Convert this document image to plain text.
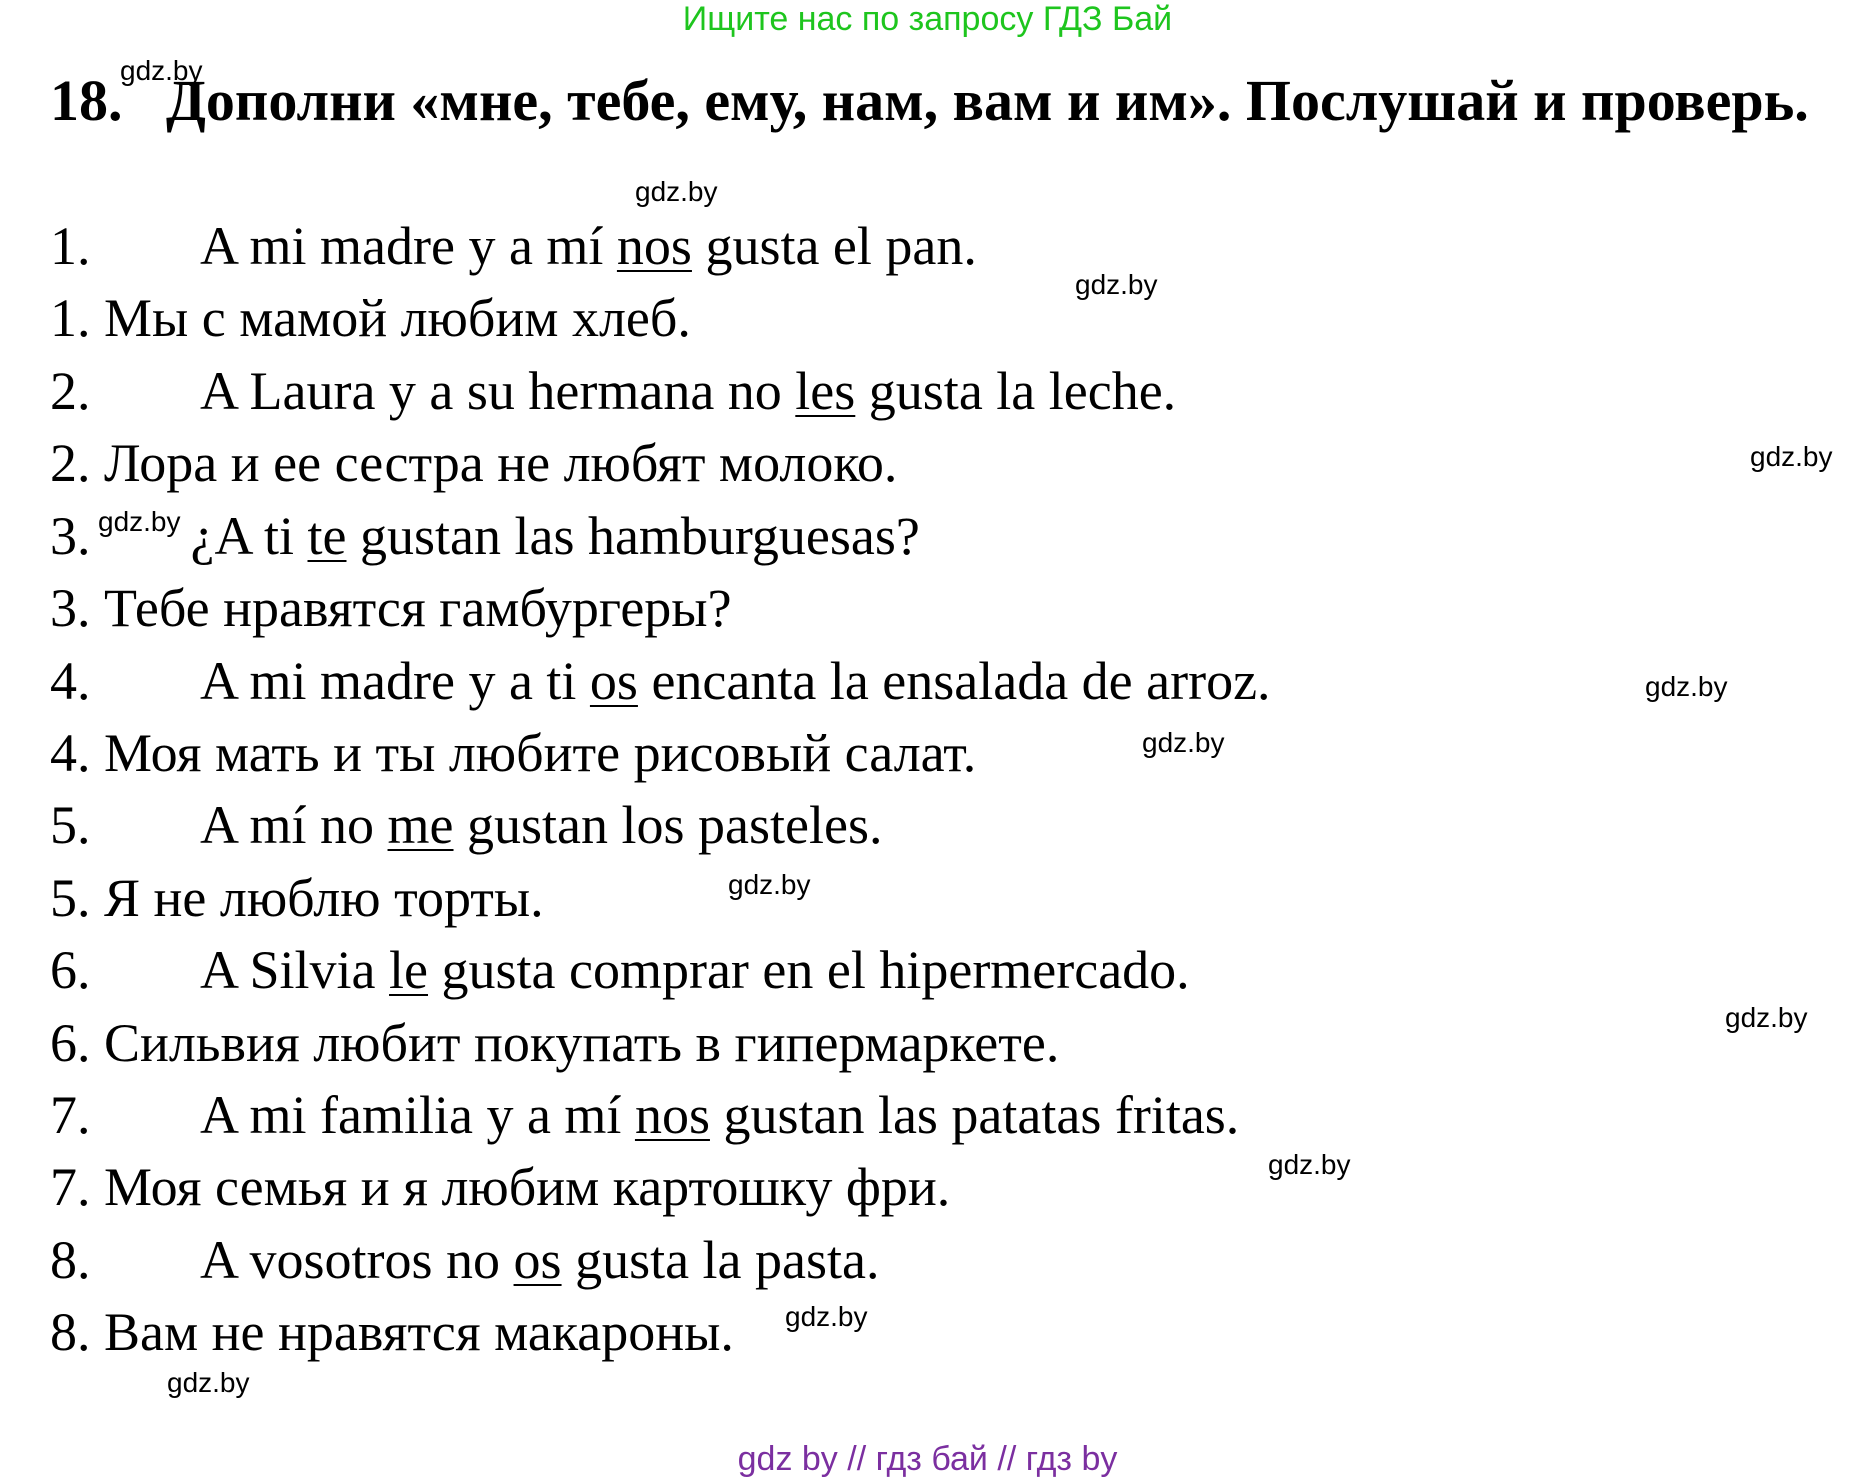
Ищите нас по запросу ГДЗ Бай
18.
gdz.by
Дополни «мне, тебе, ему, нам, вам и им». Послушай и проверь.
1. A mi madre y a mí nos gusta el pan.
1. Мы с мамой любим хлеб.
2. A Laura y a su hermana no les gusta la leche.
2. Лора и ее сестра не любят молоко.
3. ¿A ti te gustan las hamburguesas?
3. Тебе нравятся гамбургеры?
4. A mi madre y a ti os encanta la ensalada de arroz.
4. Моя мать и ты любите рисовый салат.
5. A mí no me gustan los pasteles.
5. Я не люблю торты.
6. A Silvia le gusta comprar en el hipermercado.
6. Сильвия любит покупать в гипермаркете.
7. A mi familia y a mí nos gustan las patatas fritas.
7. Моя семья и я любим картошку фри.
8. A vosotros no os gusta la pasta.
8. Вам не нравятся макароны.
gdz.by
gdz.by
gdz.by
gdz.by
gdz.by
gdz.by
gdz.by
gdz.by
gdz.by
gdz.by
gdz.by
gdz by // гдз бай // гдз by
